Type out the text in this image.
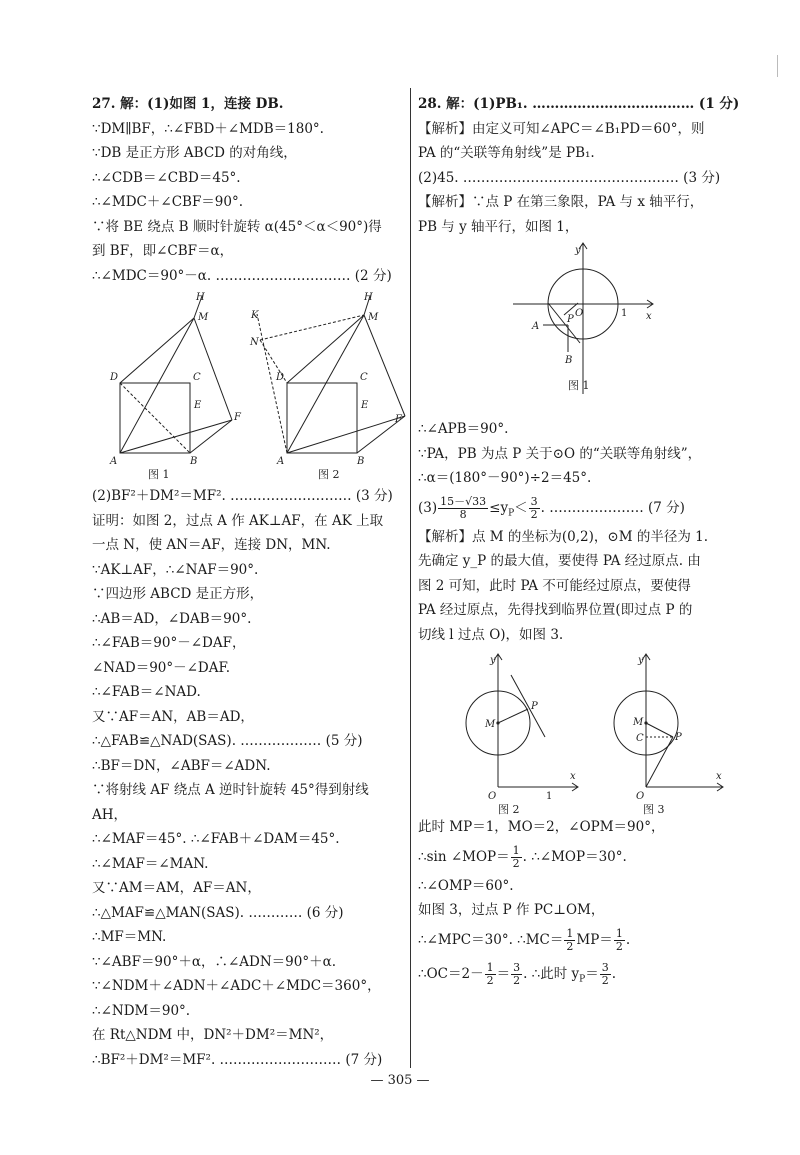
27. 解：(1)如图 1，连接 DB.
∵DM∥BF，∴∠FBD＋∠MDB＝180°.
∵DB 是正方形 ABCD 的对角线，
∴∠CDB＝∠CBD＝45°.
∴∠MDC＋∠CBF＝90°.
∵将 BE 绕点 B 顺时针旋转 α(45°＜α＜90°)得
到 BF，即∠CBF＝α，
∴∠MDC＝90°－α. ………………………… (2 分)
H
M
D	C
E
F
A	B
图 1
K
H
M
N
D	C
E
F
A	B
图 2
(2)BF²＋DM²＝MF². ……………………… (3 分)
证明：如图 2，过点 A 作 AK⊥AF，在 AK 上取
一点 N，使 AN＝AF，连接 DN，MN.
∵AK⊥AF，∴∠NAF＝90°.
∵四边形 ABCD 是正方形，
∴AB＝AD，∠DAB＝90°.
∴∠FAB＝90°－∠DAF，
∠NAD＝90°－∠DAF.
∴∠FAB＝∠NAD.
又∵AF＝AN，AB＝AD，
∴△FAB≌△NAD(SAS). ……………… (5 分)
∴BF＝DN，∠ABF＝∠ADN.
∵将射线 AF 绕点 A 逆时针旋转 45°得到射线
AH，
∴∠MAF＝45°. ∴∠FAB＋∠DAM＝45°.
∴∠MAF＝∠MAN.
又∵AM＝AM，AF＝AN，
∴△MAF≌△MAN(SAS). ………… (6 分)
∴MF＝MN.
∵∠ABF＝90°＋α，∴∠ADN＝90°＋α.
∵∠NDM＋∠ADN＋∠ADC＋∠MDC＝360°，
∴∠NDM＝90°.
在 Rt△NDM 中，DN²＋DM²＝MN²，
∴BF²＋DM²＝MF². ……………………… (7 分)
28. 解：(1)PB₁. ……………………………… (1 分)
【解析】由定义可知∠APC＝∠B₁PD＝60°，则
PA 的“关联等角射线”是 PB₁.
(2)45. ………………………………………… (3 分)
【解析】∵点 P 在第三象限，PA 与 x 轴平行，
PB 与 y 轴平行，如图 1，
y
x
O	1
A
B
P
图 1
∴∠APB＝90°.
∵PA，PB 为点 P 关于⊙O 的“关联等角射线”，
∴α＝(180°－90°)÷2＝45°.
$(3) \frac{15-√33}{8} \le y_P< \frac{3}{2}$ . ………………… (7 分)
【解析】点 M 的坐标为(0,2)，⊙M 的半径为 1.
先确定 y_P 的最大值，要使得 PA 经过原点. 由
图 2 可知，此时 PA 不可能经过原点，要使得
PA 经过原点，先得找到临界位置(即过点 P 的
切线 l 过点 O)，如图 3.
y
x
O
M
P
1
图 2
y
x
O
M
C	P
图 3
此时 MP＝1，MO＝2，∠OPM＝90°，
∴sin ∠MOP＝ $\frac{1}{2}$ . ∴∠MOP＝30°.
∴∠OMP＝60°.
如图 3，过点 P 作 PC⊥OM，
∴∠MPC＝30°. ∴MC＝ $\frac{1}{2} MP= \frac{1}{2}$ .
∴OC＝2－ $\frac{1}{2} = \frac{3}{2}$ . ∴此时 $y_P= \frac{3}{2}$ .
— 305 —
